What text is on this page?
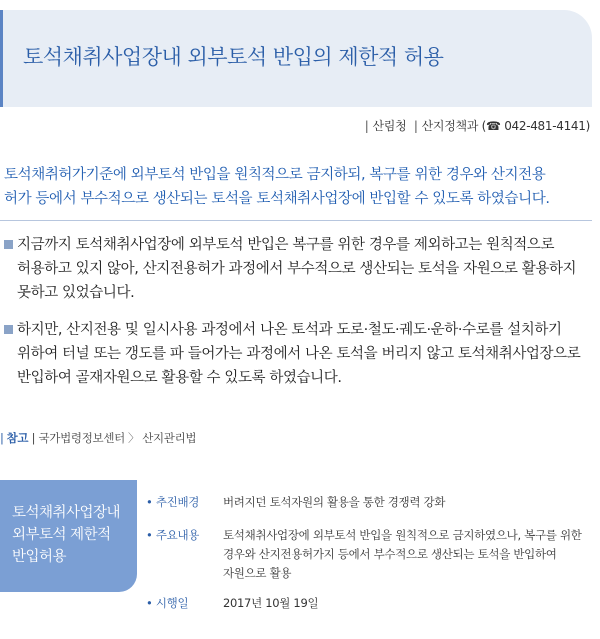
토석채취사업장내 외부토석 반입의 제한적 허용
| 산림청 | 산지정책과 (☎ 042-481-4141)
토석채취허가기준에 외부토석 반입을 원칙적으로 금지하되, 복구를 위한 경우와 산지전용
허가 등에서 부수적으로 생산되는 토석을 토석채취사업장에 반입할 수 있도록 하였습니다.
지금까지 토석채취사업장에 외부토석 반입은 복구를 위한 경우를 제외하고는 원칙적으로
허용하고 있지 않아, 산지전용허가 과정에서 부수적으로 생산되는 토석을 자원으로 활용하지
못하고 있었습니다.
하지만, 산지전용 및 일시사용 과정에서 나온 토석과 도로·철도·궤도·운하·수로를 설치하기
위하여 터널 또는 갱도를 파 들어가는 과정에서 나온 토석을 버리지 않고 토석채취사업장으로
반입하여 골재자원으로 활용할 수 있도록 하였습니다.
| 참고 | 국가법령정보센터 〉 산지관리법
토석채취사업장내
외부토석 제한적
반입허용
• 추진배경 버려지던 토석자원의 활용을 통한 경쟁력 강화
• 주요내용 토석채취사업장에 외부토석 반입을 원칙적으로 금지하였으나, 복구를 위한
경우와 산지전용허가지 등에서 부수적으로 생산되는 토석을 반입하여
자원으로 활용
• 시행일	2017년 10월 19일
